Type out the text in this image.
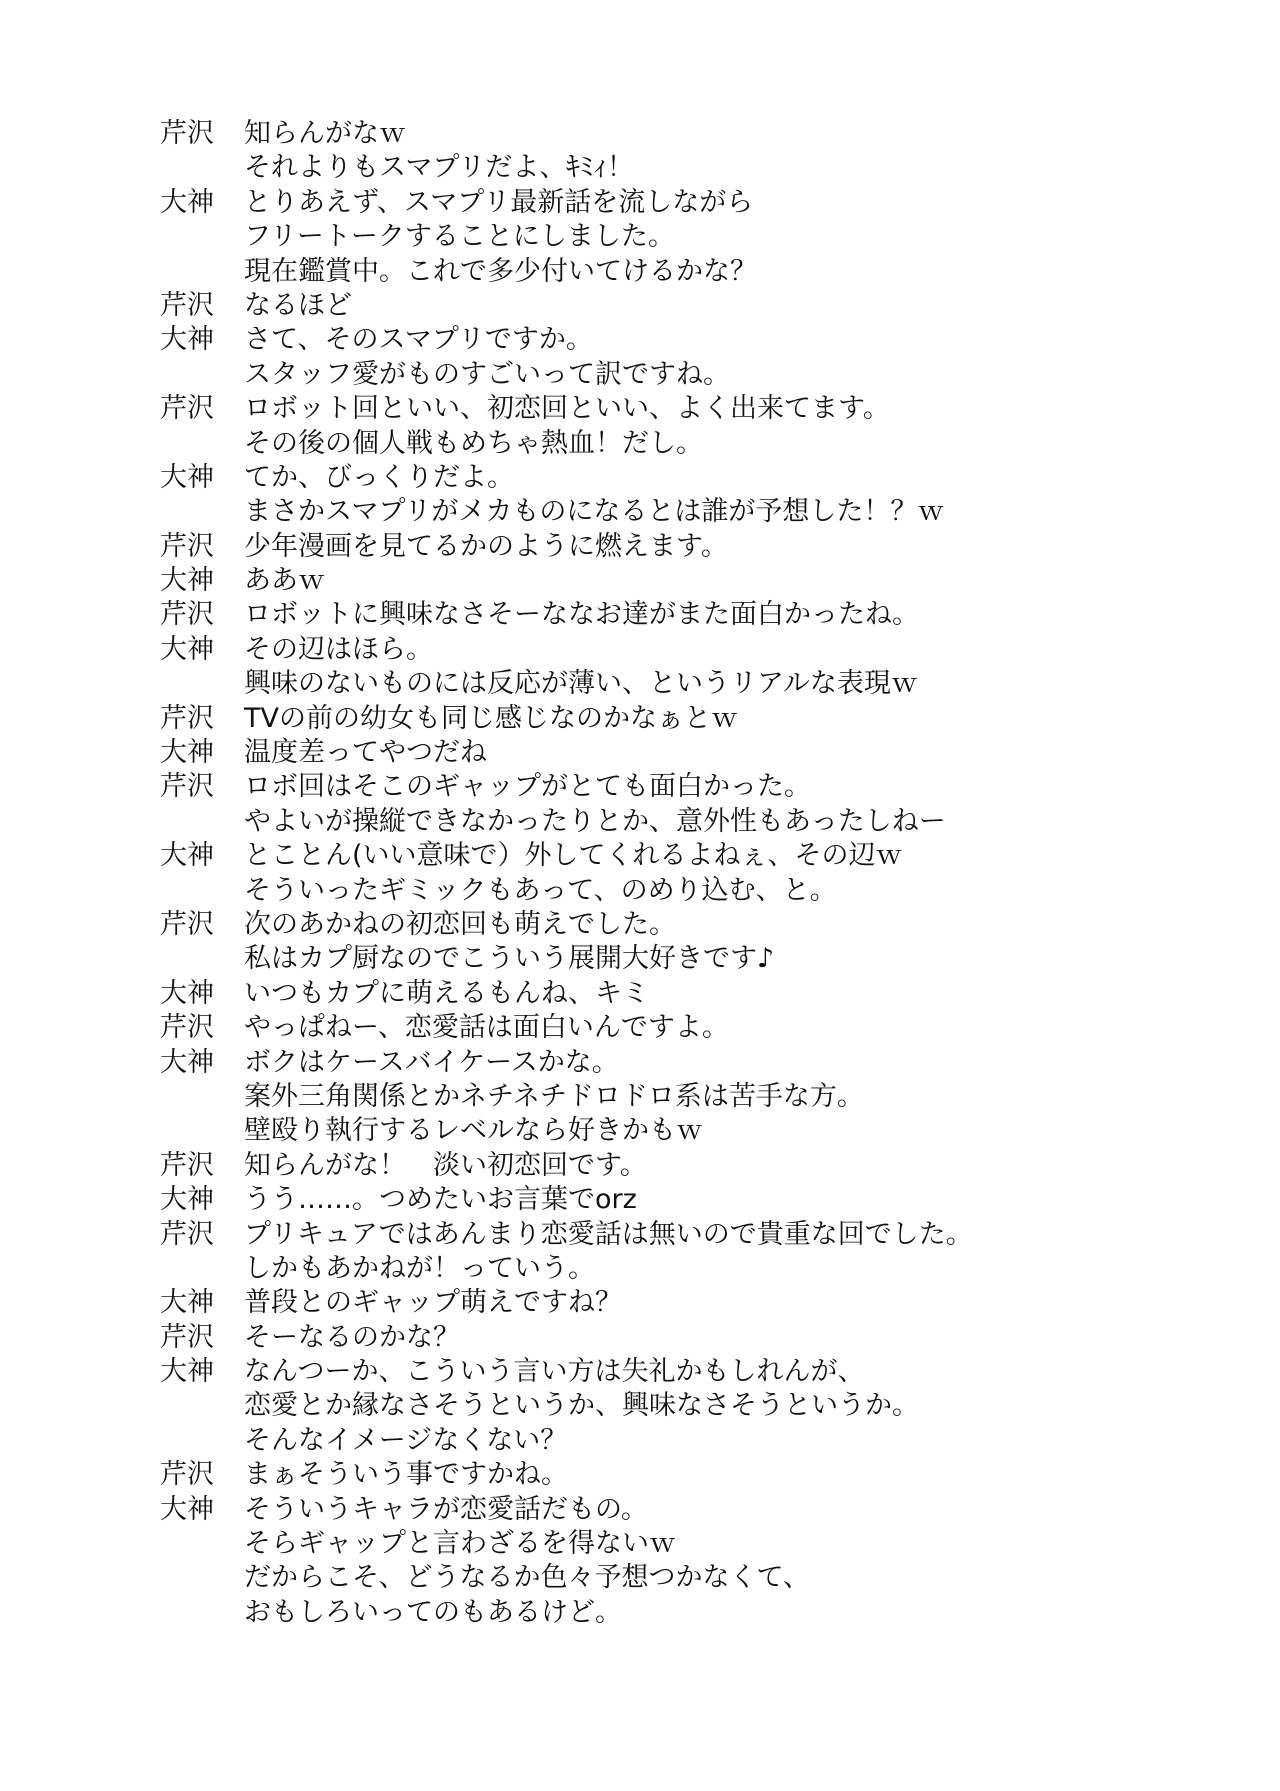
芹沢	知らんがなｗ
それよりもスマプリだよ、ｷﾐｨ！
大神	とりあえず、スマプリ最新話を流しながら
フリートークすることにしました。
現在鑑賞中。これで多少付いてけるかな？
芹沢	なるほど
大神	さて、そのスマプリですか。
スタッフ愛がものすごいって訳ですね。
芹沢	ロボット回といい、初恋回といい、よく出来てます。
その後の個人戦もめちゃ熱血！だし。
大神	てか、びっくりだよ。
まさかスマプリがメカものになるとは誰が予想した！？ｗ
芹沢	少年漫画を見てるかのように燃えます。
大神	ああｗ
芹沢	ロボットに興味なさそーななお達がまた面白かったね。
大神	その辺はほら。
興味のないものには反応が薄い、というリアルな表現ｗ
芹沢	TVの前の幼女も同じ感じなのかなぁとｗ
大神	温度差ってやつだね
芹沢	ロボ回はそこのギャップがとても面白かった。
やよいが操縦できなかったりとか、意外性もあったしねー
大神	とことん(いい意味で）外してくれるよねぇ、その辺ｗ
そういったギミックもあって、のめり込む、と。
芹沢	次のあかねの初恋回も萌えでした。
私はカプ厨なのでこういう展開大好きです♪
大神	いつもカプに萌えるもんね、キミ
芹沢	やっぱねー、恋愛話は面白いんですよ。
大神	ボクはケースバイケースかな。
案外三角関係とかネチネチドロドロ系は苦手な方。
壁殴り執行するレベルなら好きかもｗ
芹沢	知らんがな！　淡い初恋回です。
大神	うう……。つめたいお言葉でorz
芹沢	プリキュアではあんまり恋愛話は無いので貴重な回でした。
しかもあかねが！っていう。
大神	普段とのギャップ萌えですね？
芹沢	そーなるのかな？
大神	なんつーか、こういう言い方は失礼かもしれんが、
恋愛とか縁なさそうというか、興味なさそうというか。
そんなイメージなくない？
芹沢	まぁそういう事ですかね。
大神	そういうキャラが恋愛話だもの。
そらギャップと言わざるを得ないｗ
だからこそ、どうなるか色々予想つかなくて、
おもしろいってのもあるけど。
